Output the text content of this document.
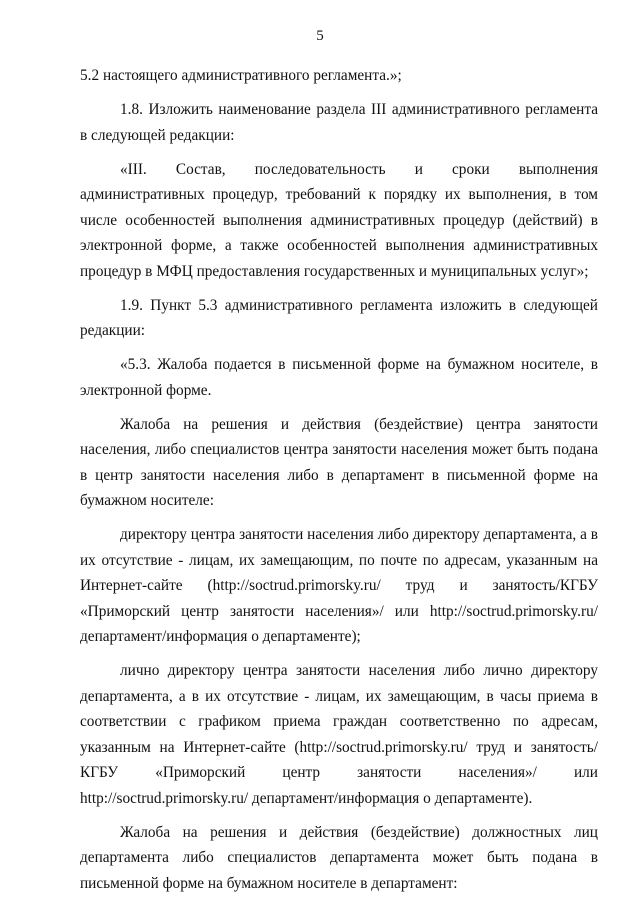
5

5.2 настоящего административного регламента.»;

1.8. Изложить наименование раздела III административного регламента в следующей редакции:

«III. Состав, последовательность и сроки выполнения административных процедур, требований к порядку их выполнения, в том числе особенностей выполнения административных процедур (действий) в электронной форме, а также особенностей выполнения административных процедур в МФЦ предоставления государственных и муниципальных услуг»;

1.9. Пункт 5.3 административного регламента изложить в следующей редакции:

«5.3. Жалоба подается в письменной форме на бумажном носителе, в электронной форме.

Жалоба на решения и действия (бездействие) центра занятости населения, либо специалистов центра занятости населения может быть подана в центр занятости населения либо в департамент в письменной форме на бумажном носителе:

директору центра занятости населения либо директору департамента, а в их отсутствие - лицам, их замещающим, по почте по адресам, указанным на Интернет-сайте (http://soctrud.primorsky.ru/ труд и занятость/КГБУ «Приморский центр занятости населения»/ или http://soctrud.primorsky.ru/ департамент/информация о департаменте);

лично директору центра занятости населения либо лично директору департамента, а в их отсутствие - лицам, их замещающим, в часы приема в соответствии с графиком приема граждан соответственно по адресам, указанным на Интернет-сайте (http://soctrud.primorsky.ru/ труд и занятость/КГБУ «Приморский центр занятости населения»/ или http://soctrud.primorsky.ru/ департамент/информация о департаменте).

Жалоба на решения и действия (бездействие) должностных лиц департамента либо специалистов департамента может быть подана в письменной форме на бумажном носителе в департамент:
